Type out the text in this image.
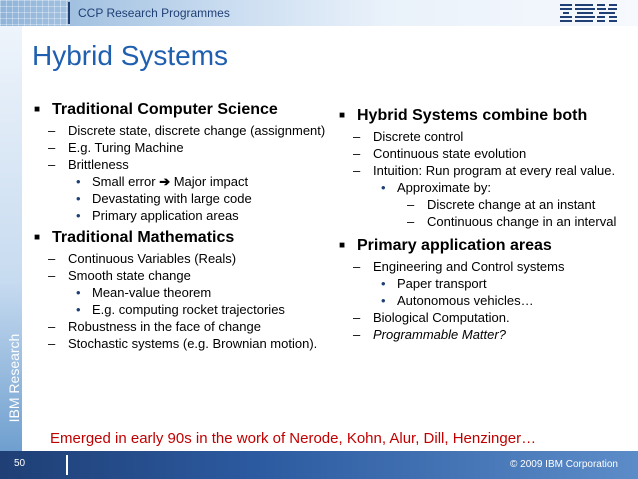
CCP Research Programmes
IBM Research
Hybrid Systems
■ Traditional Computer Science
– Discrete state, discrete change (assignment)
– E.g. Turing Machine
– Brittleness
• Small error ➔ Major impact
• Devastating with large code
• Primary application areas
■ Traditional Mathematics
– Continuous Variables (Reals)
– Smooth state change
• Mean-value theorem
• E.g. computing rocket trajectories
– Robustness in the face of change
– Stochastic systems (e.g. Brownian motion).
■ Hybrid Systems combine both
– Discrete control
– Continuous state evolution
– Intuition: Run program at every real value.
• Approximate by:
– Discrete change at an instant
– Continuous change in an interval
■ Primary application areas
– Engineering and Control systems
• Paper transport
• Autonomous vehicles…
– Biological Computation.
– Programmable Matter?
Emerged in early 90s in the work of Nerode, Kohn, Alur, Dill, Henzinger…
50	© 2009 IBM Corporation
